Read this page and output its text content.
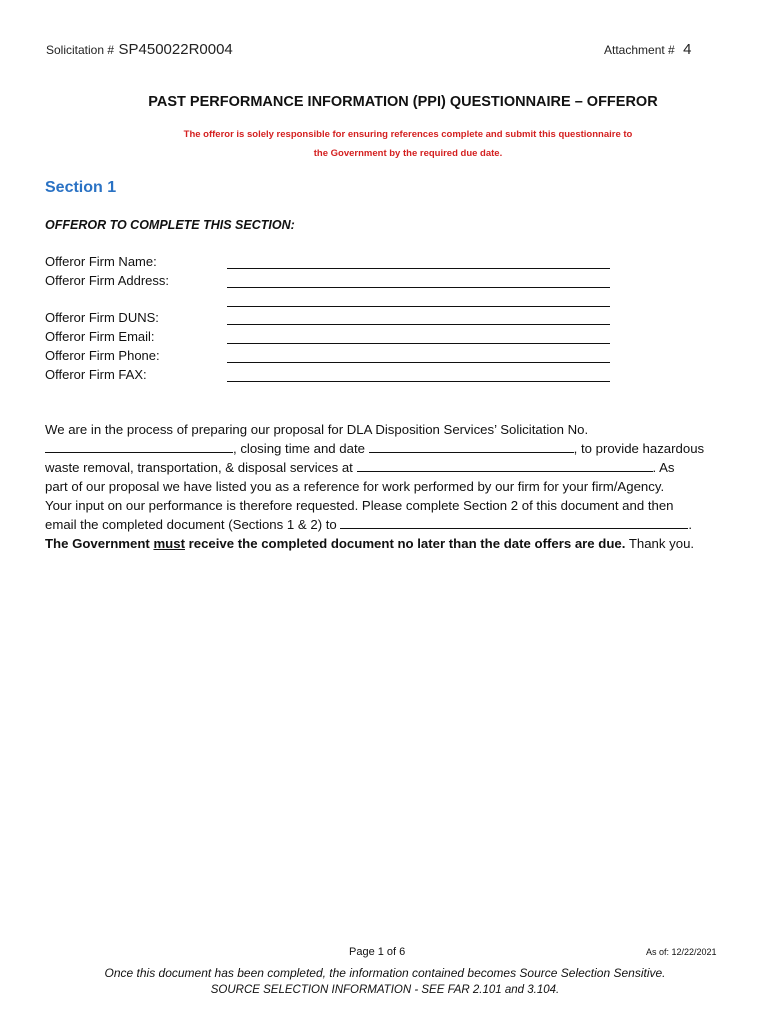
Solicitation # SP450022R0004	Attachment # 4
PAST PERFORMANCE INFORMATION (PPI) QUESTIONNAIRE – OFFEROR
The offeror is solely responsible for ensuring references complete and submit this questionnaire to
the Government by the required due date.
Section 1
OFFEROR TO COMPLETE THIS SECTION:
Offeror Firm Name:
Offeror Firm Address:
Offeror Firm DUNS:
Offeror Firm Email:
Offeror Firm Phone:
Offeror Firm FAX:
We are in the process of preparing our proposal for DLA Disposition Services’ Solicitation No.
, closing time and date	, to provide hazardous
waste removal, transportation, & disposal services at	. As
part of our proposal we have listed you as a reference for work performed by our firm for your firm/Agency.
Your input on our performance is therefore requested. Please complete Section 2 of this document and then
email the completed document (Sections 1 & 2) to	.
The Government must receive the completed document no later than the date offers are due. Thank you.
Page 1 of 6	As of: 12/22/2021
Once this document has been completed, the information contained becomes Source Selection Sensitive.
SOURCE SELECTION INFORMATION - SEE FAR 2.101 and 3.104.
